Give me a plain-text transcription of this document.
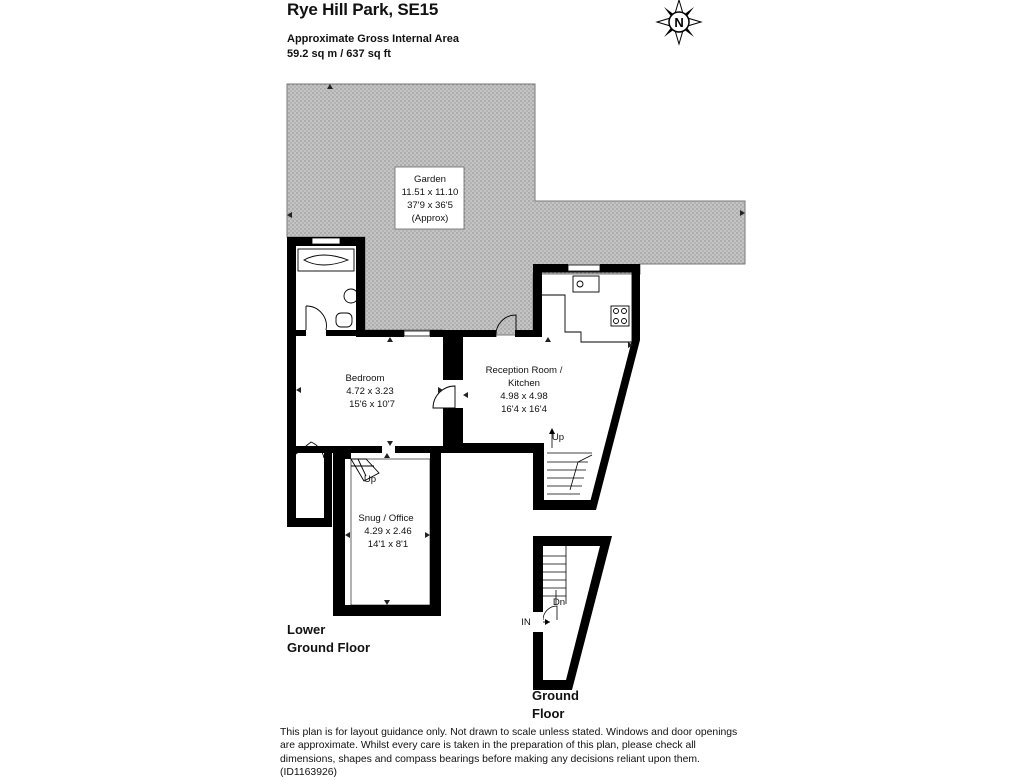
Rye Hill Park, SE15
Approximate Gross Internal Area
59.2 sq m / 637 sq ft
N
Garden
11.51 x 11.10
37'9 x 36'5
(Approx)
Bedroom
4.72 x 3.23
15'6 x 10'7
Reception Room /
Kitchen
4.98 x 4.98
16'4 x 16'4
Snug / Office
4.29 x 2.46
14'1 x 8'1
Up
Up
Dn
IN
Lower
Ground Floor
Ground
Floor
This plan is for layout guidance only. Not drawn to scale unless stated. Windows and door openings are approximate. Whilst every care is taken in the preparation of this plan, please check all dimensions, shapes and compass bearings before making any decisions reliant upon them. (ID1163926)
